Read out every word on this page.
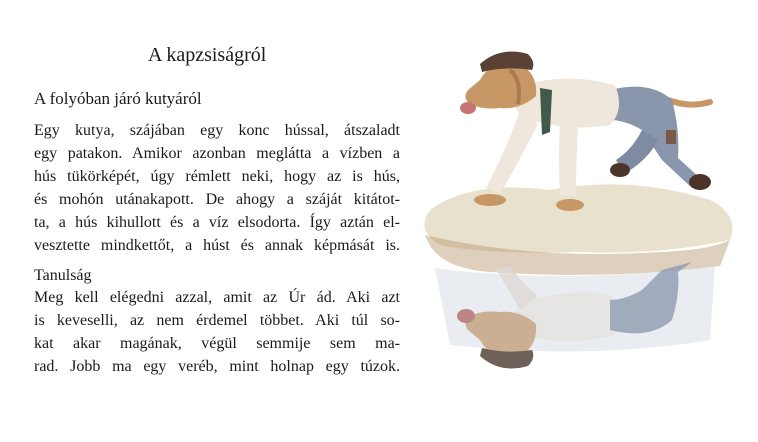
A kapzsiságról
A folyóban járó kutyáról
Egy kutya, szájában egy konc hússal, átszaladt
egy patakon. Amikor azonban meglátta a vízben a
hús tükörképét, úgy rémlett neki, hogy az is hús,
és mohón utánakapott. De ahogy a száját kitátot-
ta, a hús kihullott és a víz elsodorta. Így aztán el-
vesztette mindkettőt, a húst és annak képmását is.
Tanulság
Meg kell elégedni azzal, amit az Úr ád. Aki azt
is keveselli, az nem érdemel többet. Aki túl so-
kat akar magának, végül semmije sem ma-
rad. Jobb ma egy veréb, mint holnap egy túzok.
